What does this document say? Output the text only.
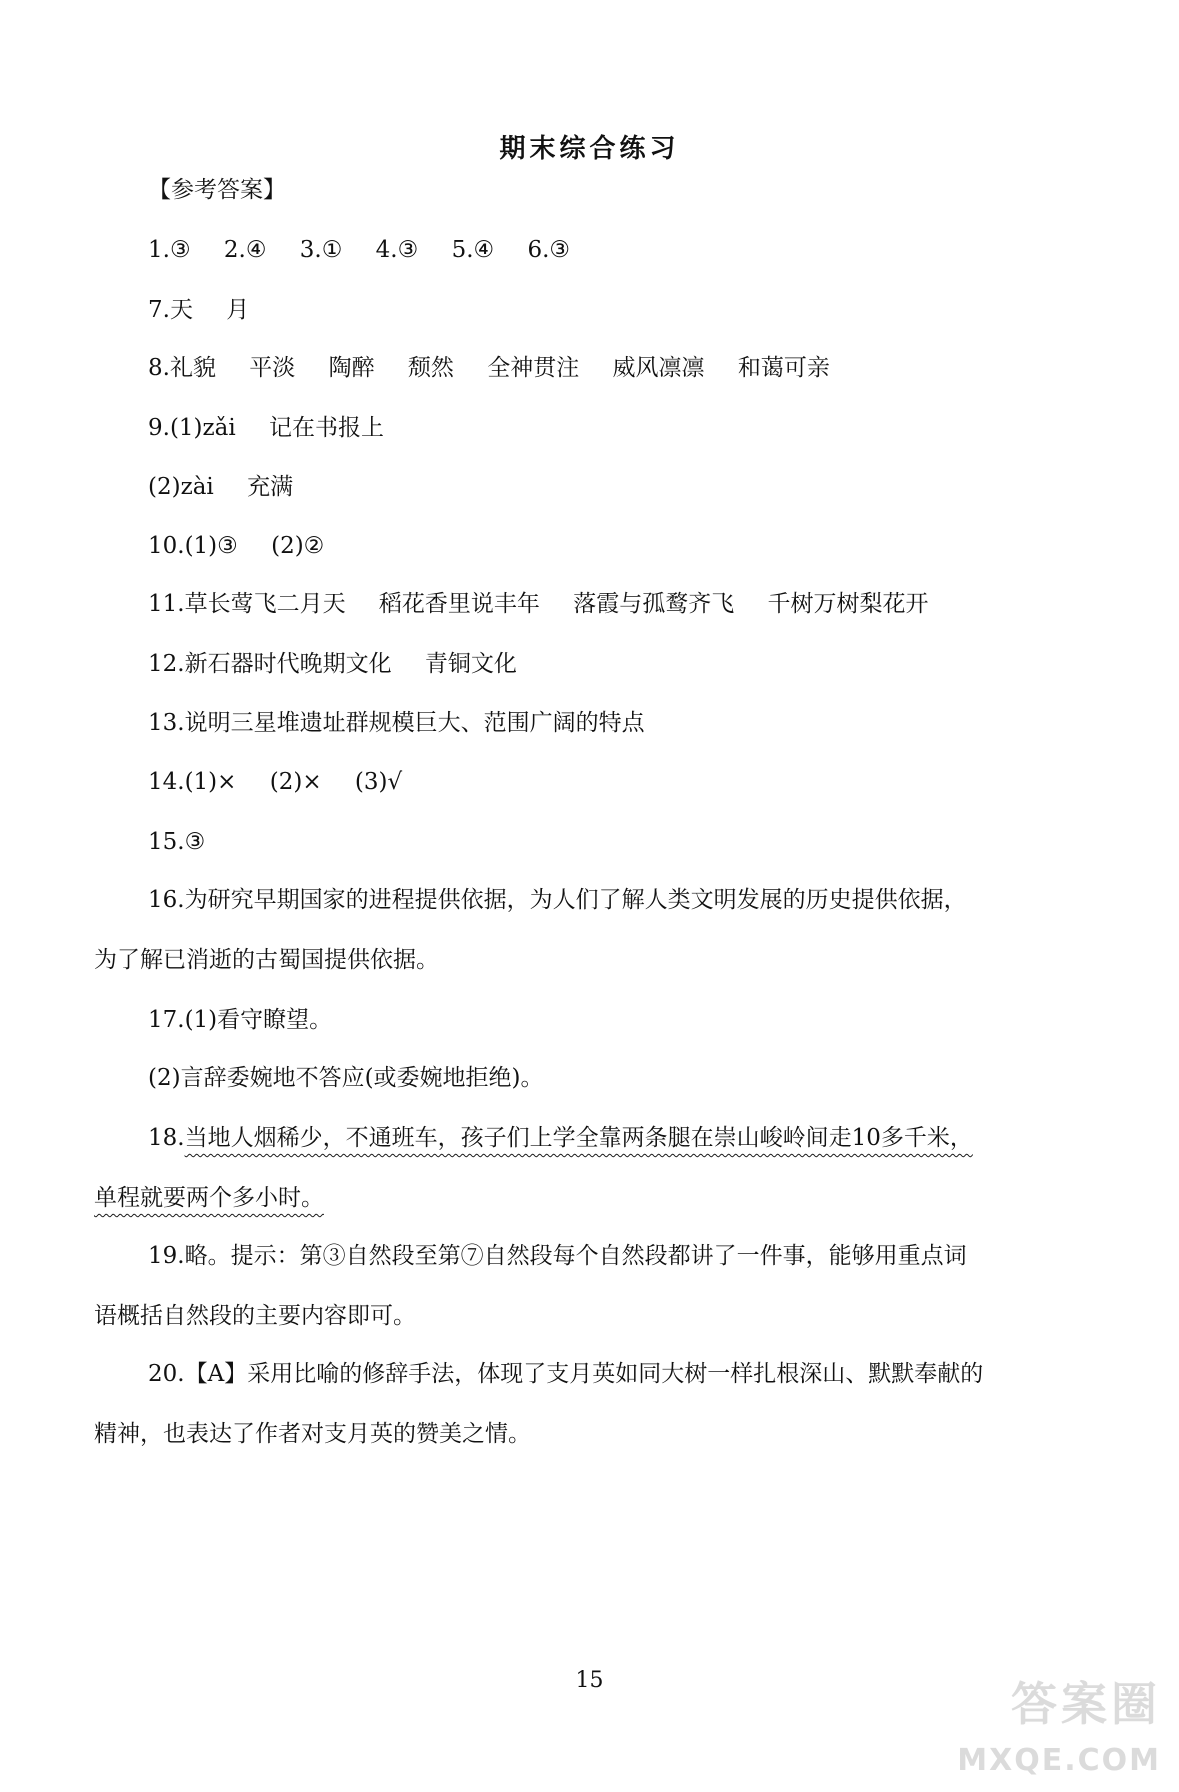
期末综合练习
【参考答案】
1.③ 2.④ 3.① 4.③ 5.④ 6.③
7.天 月
8.礼貌 平淡 陶醉 颓然 全神贯注 威风凛凛 和蔼可亲
9.(1)zǎi 记在书报上
(2)zài 充满
10.(1)③ (2)②
11.草长莺飞二月天 稻花香里说丰年 落霞与孤鹜齐飞 千树万树梨花开
12.新石器时代晚期文化 青铜文化
13.说明三星堆遗址群规模巨大、范围广阔的特点
14.(1)× (2)× (3)√
15.③
16.为研究早期国家的进程提供依据，为人们了解人类文明发展的历史提供依据，
为了解已消逝的古蜀国提供依据。
17.(1)看守瞭望。
(2)言辞委婉地不答应(或委婉地拒绝)。
18.当地人烟稀少，不通班车，孩子们上学全靠两条腿在崇山峻岭间走10多千米，
单程就要两个多小时。
19.略。提示：第③自然段至第⑦自然段每个自然段都讲了一件事，能够用重点词
语概括自然段的主要内容即可。
20.【A】采用比喻的修辞手法，体现了支月英如同大树一样扎根深山、默默奉献的
精神，也表达了作者对支月英的赞美之情。
15	答案圈
MXQE.COM
